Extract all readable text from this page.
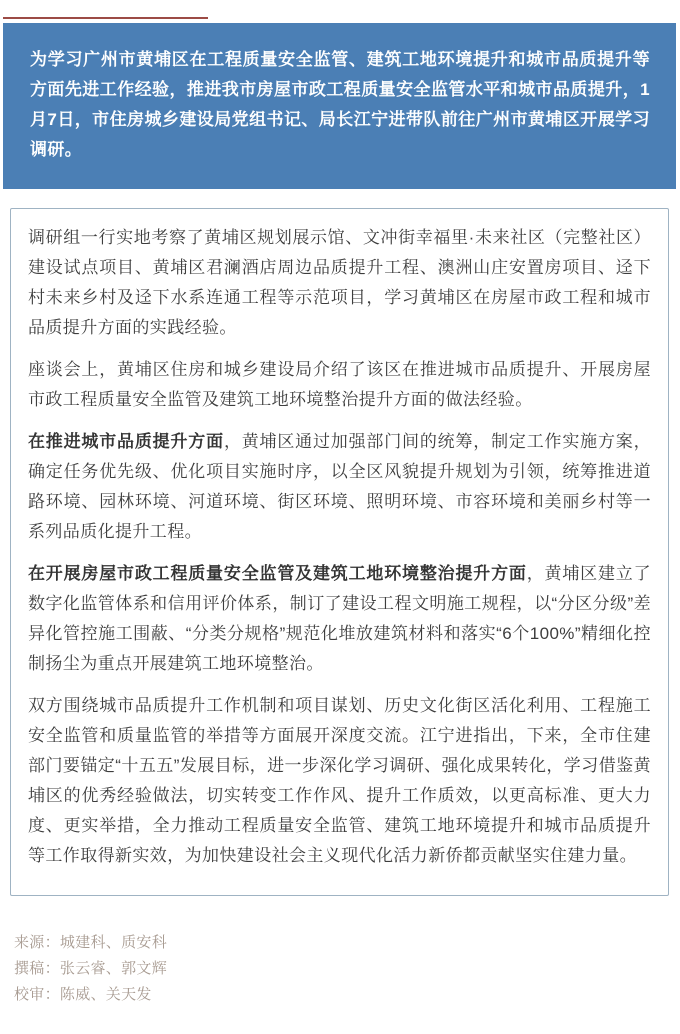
为学习广州市黄埔区在工程质量安全监管、建筑工地环境提升和城市品质提升等方面先进工作经验，推进我市房屋市政工程质量安全监管水平和城市品质提升，1月7日，市住房城乡建设局党组书记、局长江宁进带队前往广州市黄埔区开展学习调研。

调研组一行实地考察了黄埔区规划展示馆、文冲街幸福里·未来社区（完整社区）建设试点项目、黄埔区君澜酒店周边品质提升工程、澳洲山庄安置房项目、迳下村未来乡村及迳下水系连通工程等示范项目，学习黄埔区在房屋市政工程和城市品质提升方面的实践经验。

座谈会上，黄埔区住房和城乡建设局介绍了该区在推进城市品质提升、开展房屋市政工程质量安全监管及建筑工地环境整治提升方面的做法经验。

在推进城市品质提升方面，黄埔区通过加强部门间的统筹，制定工作实施方案，确定任务优先级、优化项目实施时序，以全区风貌提升规划为引领，统筹推进道路环境、园林环境、河道环境、街区环境、照明环境、市容环境和美丽乡村等一系列品质化提升工程。

在开展房屋市政工程质量安全监管及建筑工地环境整治提升方面，黄埔区建立了数字化监管体系和信用评价体系，制订了建设工程文明施工规程，以“分区分级”差异化管控施工围蔽、“分类分规格”规范化堆放建筑材料和落实“6个100%”精细化控制扬尘为重点开展建筑工地环境整治。

双方围绕城市品质提升工作机制和项目谋划、历史文化街区活化利用、工程施工安全监管和质量监管的举措等方面展开深度交流。江宁进指出，下来，全市住建部门要锚定“十五五”发展目标，进一步深化学习调研、强化成果转化，学习借鉴黄埔区的优秀经验做法，切实转变工作作风、提升工作质效，以更高标准、更大力度、更实举措，全力推动工程质量安全监管、建筑工地环境提升和城市品质提升等工作取得新实效，为加快建设社会主义现代化活力新侨都贡献坚实住建力量。

来源：城建科、质安科
撰稿：张云睿、郭文辉
校审：陈威、关天发
